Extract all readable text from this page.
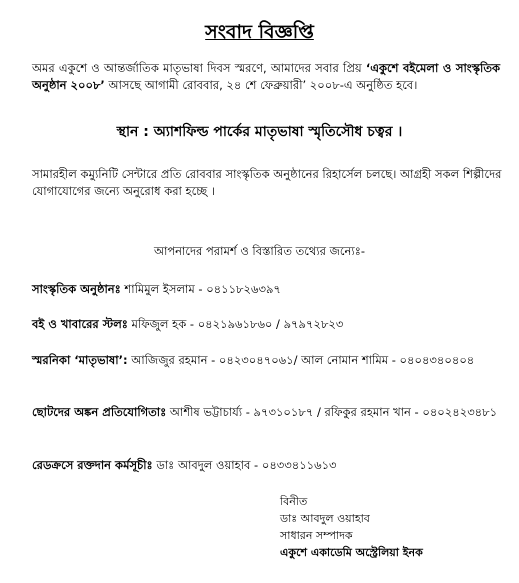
সংবাদ বিজ্ঞপ্তি
অমর একুশে ও আন্তর্জাতিক মাতৃভাষা দিবস স্মরণে, আমাদের সবার প্রিয় ‘একুশে বইমেলা ও সাংস্কৃতিক অনুষ্ঠান ২০০৮’ আসছে আগামী রোববার, ২৪ শে ফেব্রুয়ারী’ ২০০৮-এ অনুষ্ঠিত হবে।
স্থান : অ্যাশফিল্ড পার্কের মাতৃভাষা স্মৃতিসৌধ চত্বর ।
সামারহীল কম্যুনিটি সেন্টারে প্রতি রোববার সাংস্কৃতিক অনুষ্ঠানের রিহার্সেল চলছে। আগ্রহী সকল শিল্পীদের যোগাযোগের জন্যে অনুরোধ করা হচ্ছে ।
আপনাদের পরামর্শ ও বিস্তারিত তথ্যের জন্যেঃ-
সাংস্কৃতিক অনুষ্ঠানঃ শামিমুল ইসলাম - ০৪১১৮২৬৩৯৭
বই ও খাবারের স্টলঃ মফিজুল হক - ০৪২১৯৬১৮৬০ / ৯৭৯৭২৮২৩
স্মরনিকা ‘মাতৃভাষা’: আজিজুর রহমান - ০৪২৩০৪৭০৬১/ আল নোমান শামিম - ০৪০৪৩৪০৪০৪
ছোটদের অঙ্কন প্রতিযোগিতাঃ আশীষ ভট্টাচার্য্য - ৯৭৩১০১৮৭ / রফিকুর রহমান খান - ০৪০২৪২৩৪৮১
রেডক্রসে রক্তদান কর্মসূচীঃ ডাঃ আবদুল ওয়াহাব - ০৪৩৩৪১১৬১৩
বিনীত
ডাঃ আবদুল ওয়াহাব
সাধারন সম্পাদক
একুশে একাডেমি অস্ট্রেলিয়া ইনক
